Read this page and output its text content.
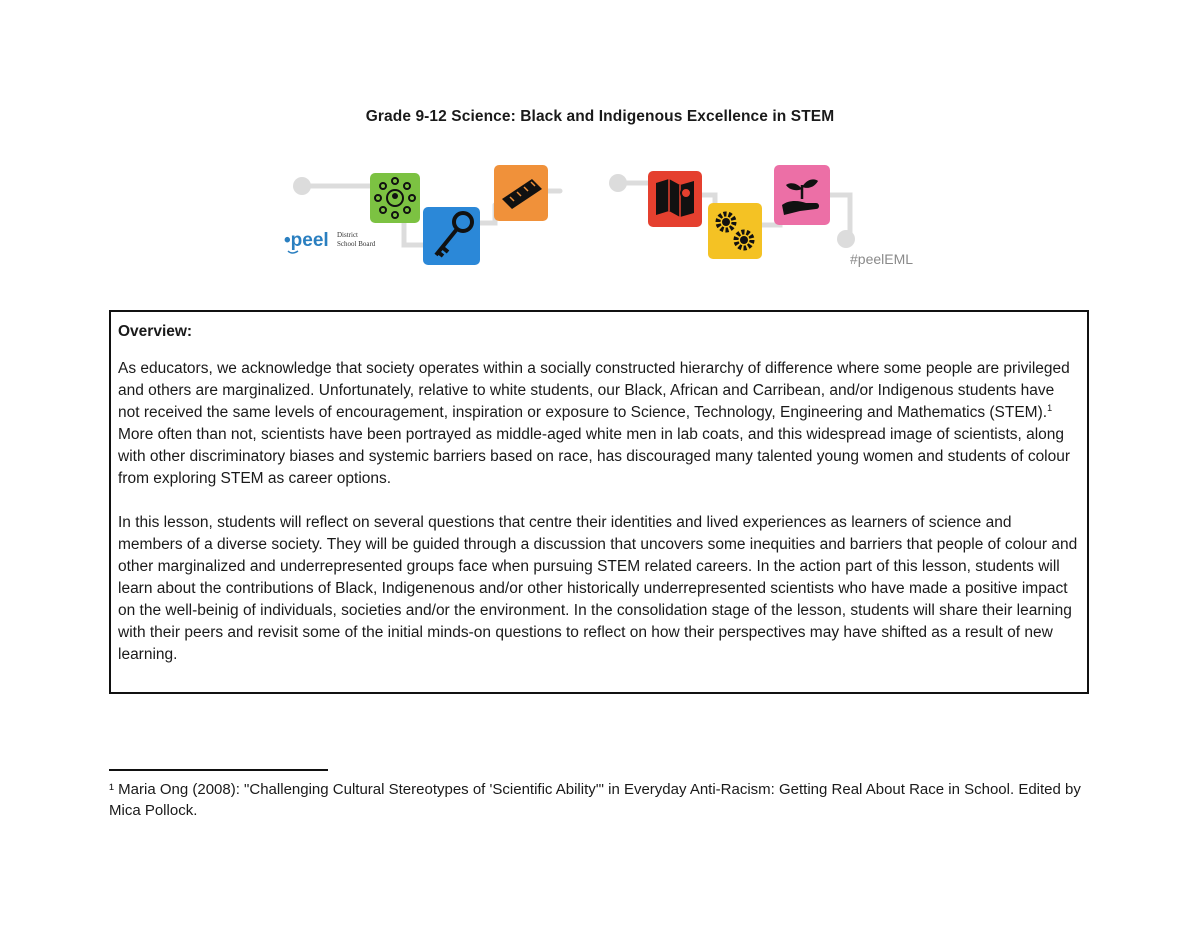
Grade 9-12 Science: Black and Indigenous Excellence in STEM
•peel District
School Board
#peelEML
Overview:

As educators, we acknowledge that society operates within a socially constructed hierarchy of difference where some people are privileged and others are marginalized. Unfortunately, relative to white students, our Black, African and Carribean, and/or Indigenous students have not received the same levels of encouragement, inspiration or exposure to Science, Technology, Engineering and Mathematics (STEM).$^1$ More often than not, scientists have been portrayed as middle-aged white men in lab coats, and this widespread image of scientists, along with other discriminatory biases and systemic barriers based on race, has discouraged many talented young women and students of colour from exploring STEM as career options.

In this lesson, students will reflect on several questions that centre their identities and lived experiences as learners of science and members of a diverse society. They will be guided through a discussion that uncovers some inequities and barriers that people of colour and other marginalized and underrepresented groups face when pursuing STEM related careers. In the action part of this lesson, students will learn about the contributions of Black, Indigenenous and/or other historically underrepresented scientists who have made a positive impact on the well-beinig of individuals, societies and/or the environment. In the consolidation stage of the lesson, students will share their learning with their peers and revisit some of the initial minds-on questions to reflect on how their perspectives may have shifted as a result of new learning.

¹ Maria Ong (2008): "Challenging Cultural Stereotypes of 'Scientific Ability'" in Everyday Anti-Racism: Getting Real About Race in School. Edited by Mica Pollock.
